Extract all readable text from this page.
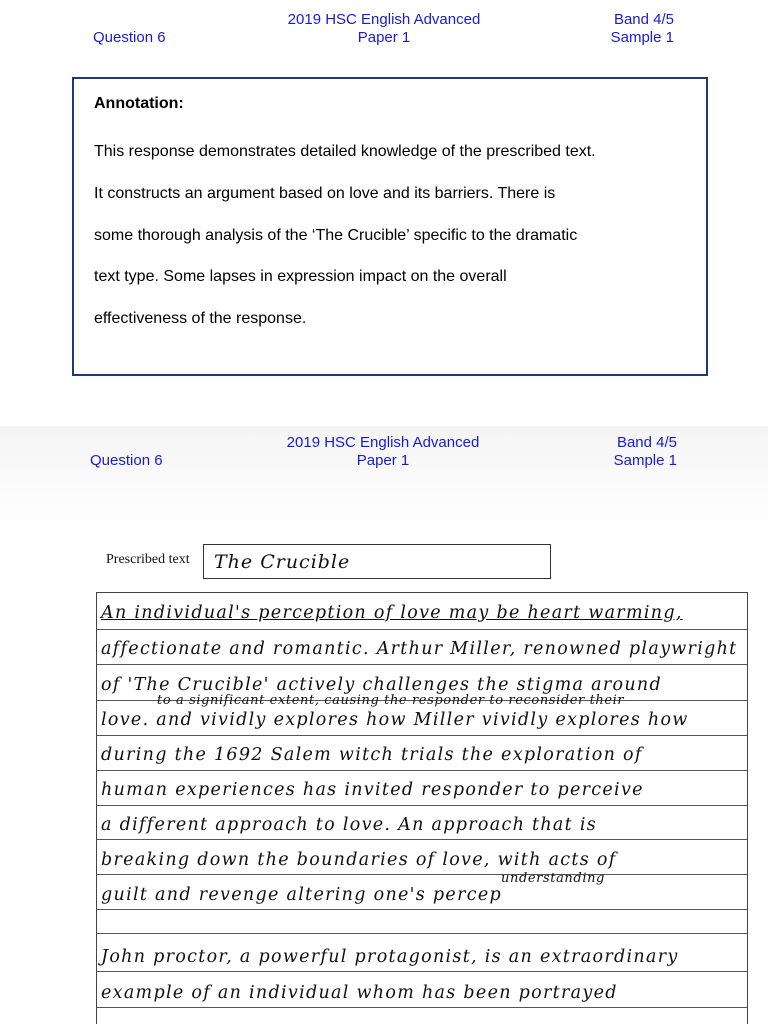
Question 6
2019 HSC English Advanced
Paper 1
Band 4/5
Sample 1
Annotation:
This response demonstrates detailed knowledge of the prescribed text.
It constructs an argument based on love and its barriers. There is
some thorough analysis of the ‘The Crucible’ specific to the dramatic
text type. Some lapses in expression impact on the overall
effectiveness of the response.
Question 6
2019 HSC English Advanced
Paper 1
Band 4/5
Sample 1
Prescribed text The Crucible
An individual's perception of love may be heart warming,
affectionate and romantic. Arthur Miller, renowned playwright
of 'The Crucible' actively challenges the stigma around
to a significant extent, causing the responder to reconsider their
love. and vividly explores how Miller vividly explores how
during the 1692 Salem witch trials the exploration of
human experiences has invited responder to perceive
a different approach to love. An approach that is
breaking down the boundaries of love, with acts of
understanding
guilt and revenge altering one's percep
John proctor, a powerful protagonist, is an extraordinary
example of an individual whom has been portrayed
